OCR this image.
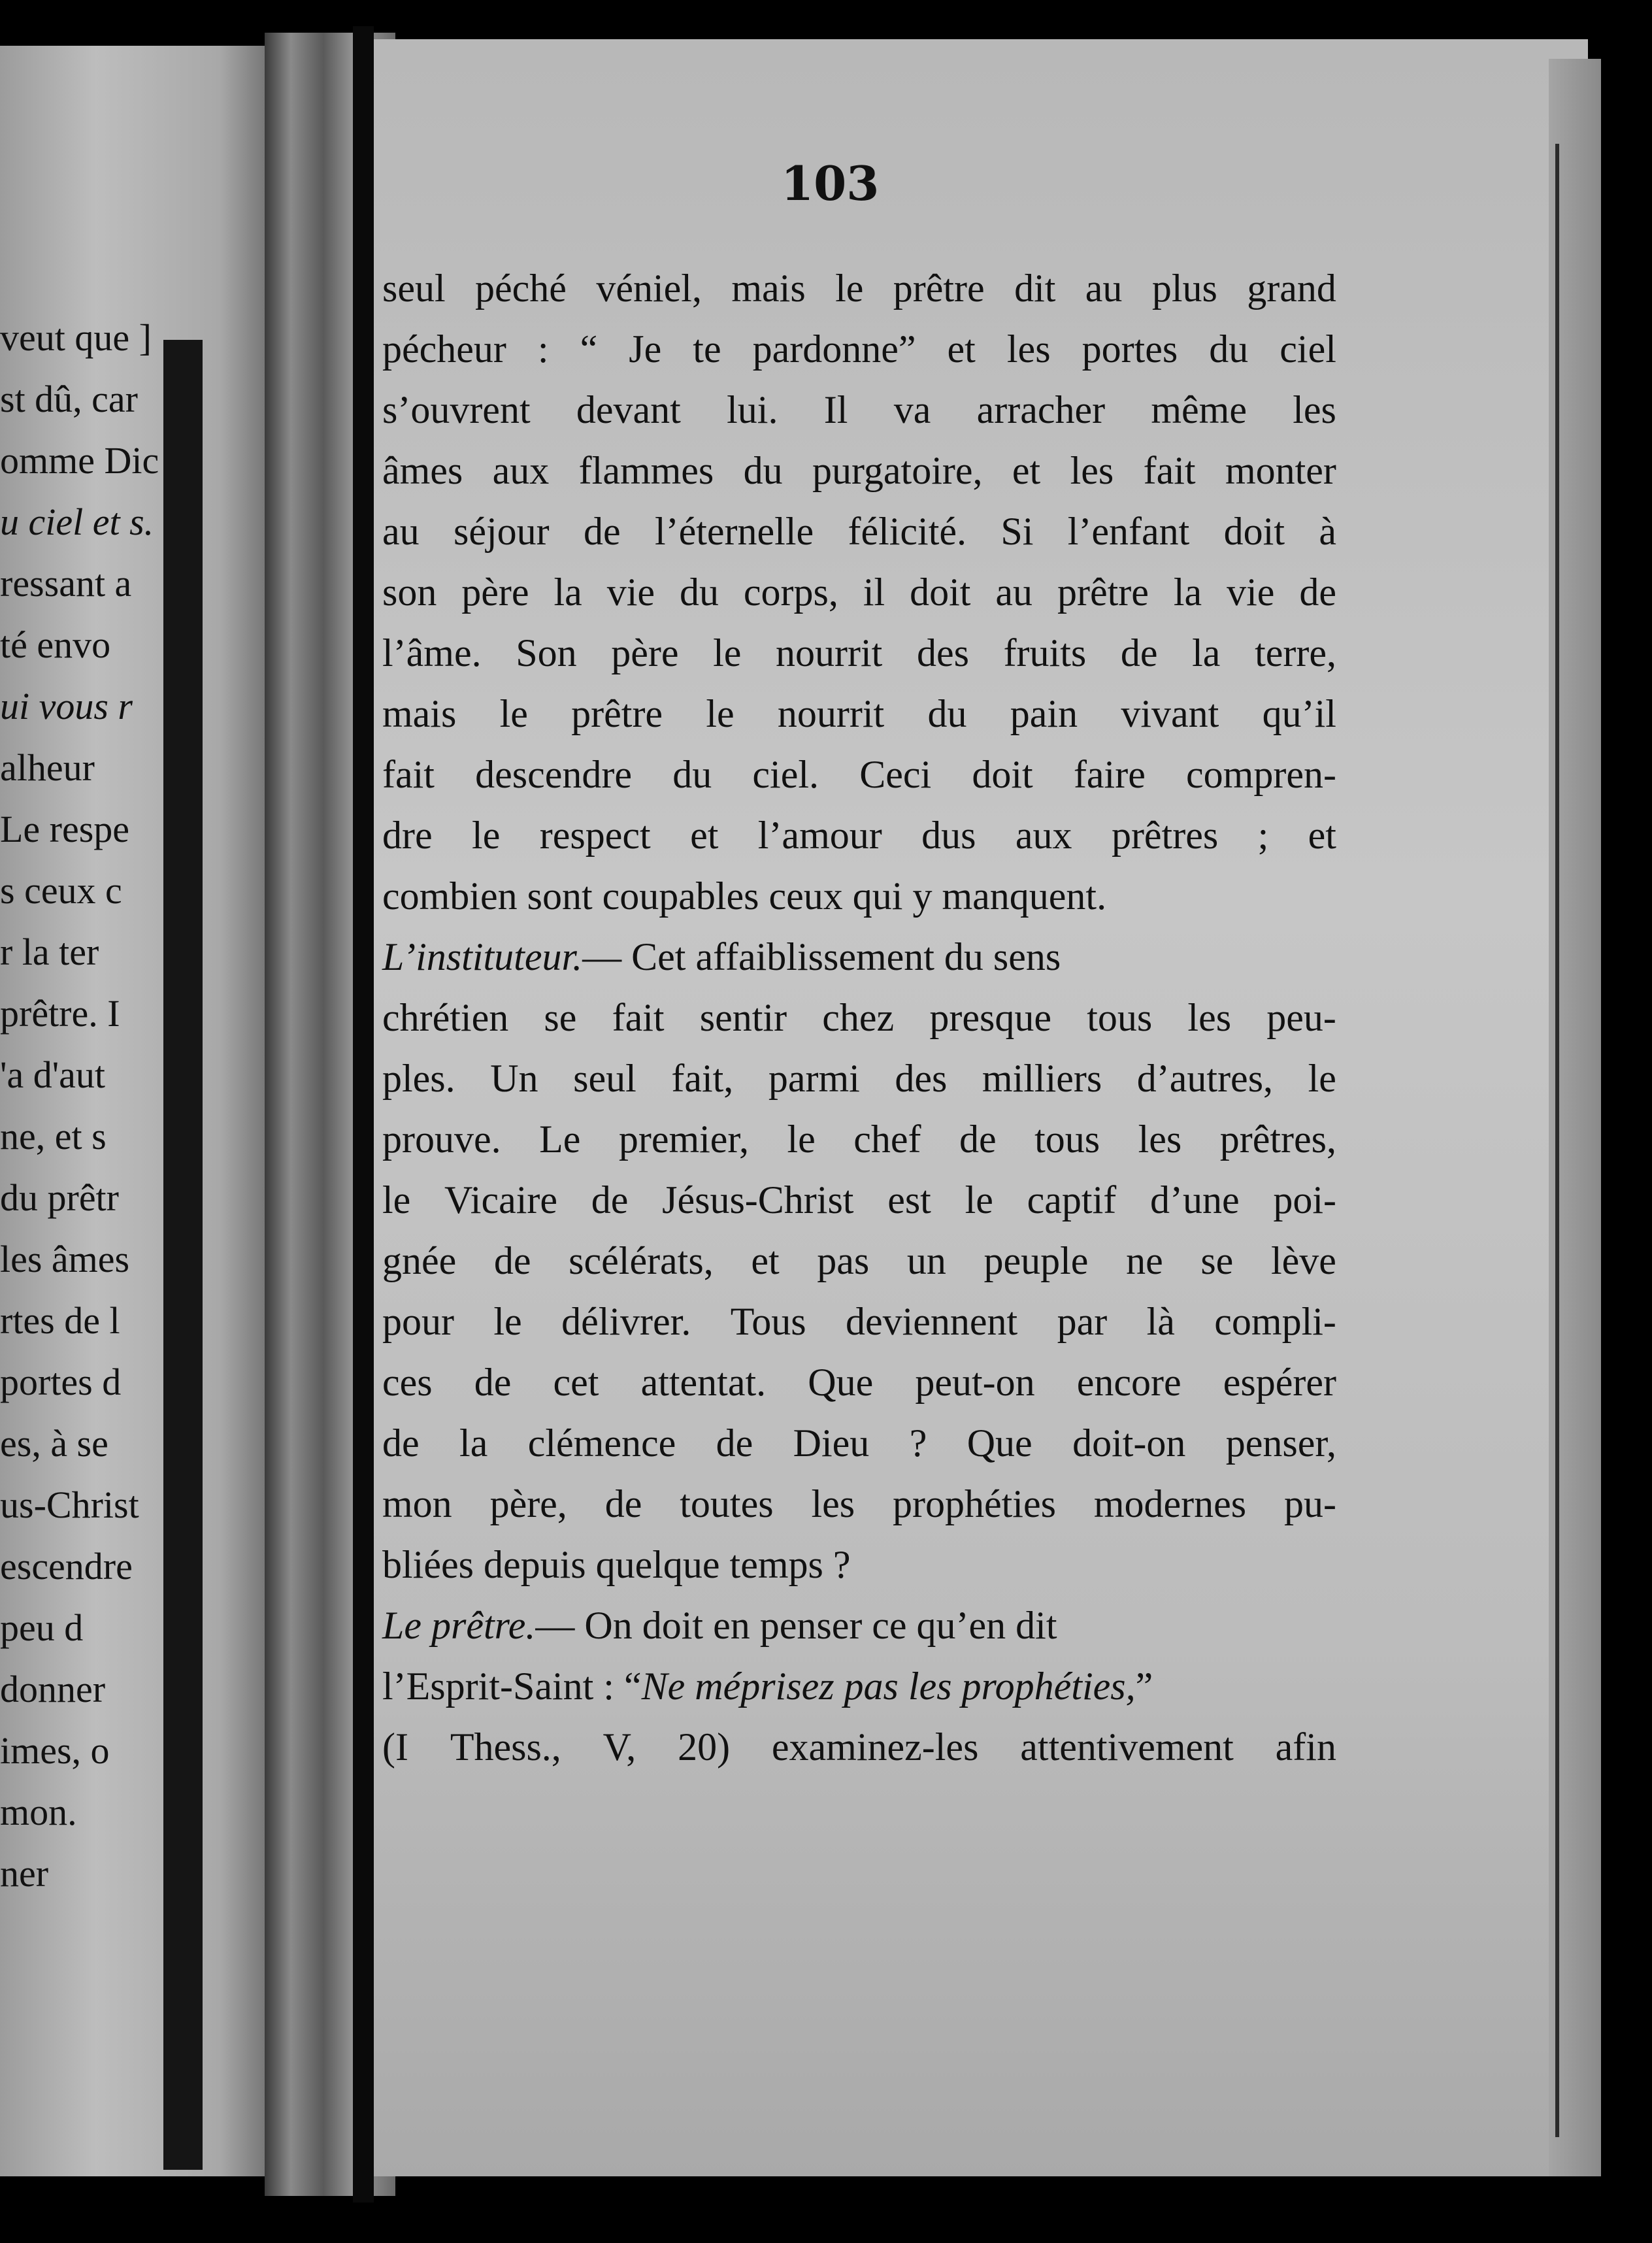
veut que ]
st dû, car
omme Dic
u ciel et s.
ressant a
té envo
ui vous r
alheur
Le respe
s ceux c
r la ter
prêtre. I
'a d'aut
ne, et s
du prêtr
les âmes
rtes de l
portes d
es, à se
us-Christ
escendre
peu d
donner
imes, o
mon.
ner
103
seul péché véniel, mais le prêtre dit au plus grand
pécheur : “ Je te pardonne” et les portes du ciel
s’ouvrent devant lui. Il va arracher même les
âmes aux flammes du purgatoire, et les fait monter
au séjour de l’éternelle félicité. Si l’enfant doit à
son père la vie du corps, il doit au prêtre la vie de
l’âme. Son père le nourrit des fruits de la terre,
mais le prêtre le nourrit du pain vivant qu’il
fait descendre du ciel. Ceci doit faire compren-
dre le respect et l’amour dus aux prêtres ; et
combien sont coupables ceux qui y manquent.
L’instituteur. — Cet affaiblissement du sens
chrétien se fait sentir chez presque tous les peu-
ples. Un seul fait, parmi des milliers d’autres, le
prouve. Le premier, le chef de tous les prêtres,
le Vicaire de Jésus-Christ est le captif d’une poi-
gnée de scélérats, et pas un peuple ne se lève
pour le délivrer. Tous deviennent par là compli-
ces de cet attentat. Que peut-on encore espérer
de la clémence de Dieu ? Que doit-on penser,
mon père, de toutes les prophéties modernes pu-
bliées depuis quelque temps ?
Le prêtre. — On doit en penser ce qu’en dit
l’Esprit-Saint : “ Ne méprisez pas les prophéties, ”
(I Thess., V, 20) examinez-les attentivement afin
